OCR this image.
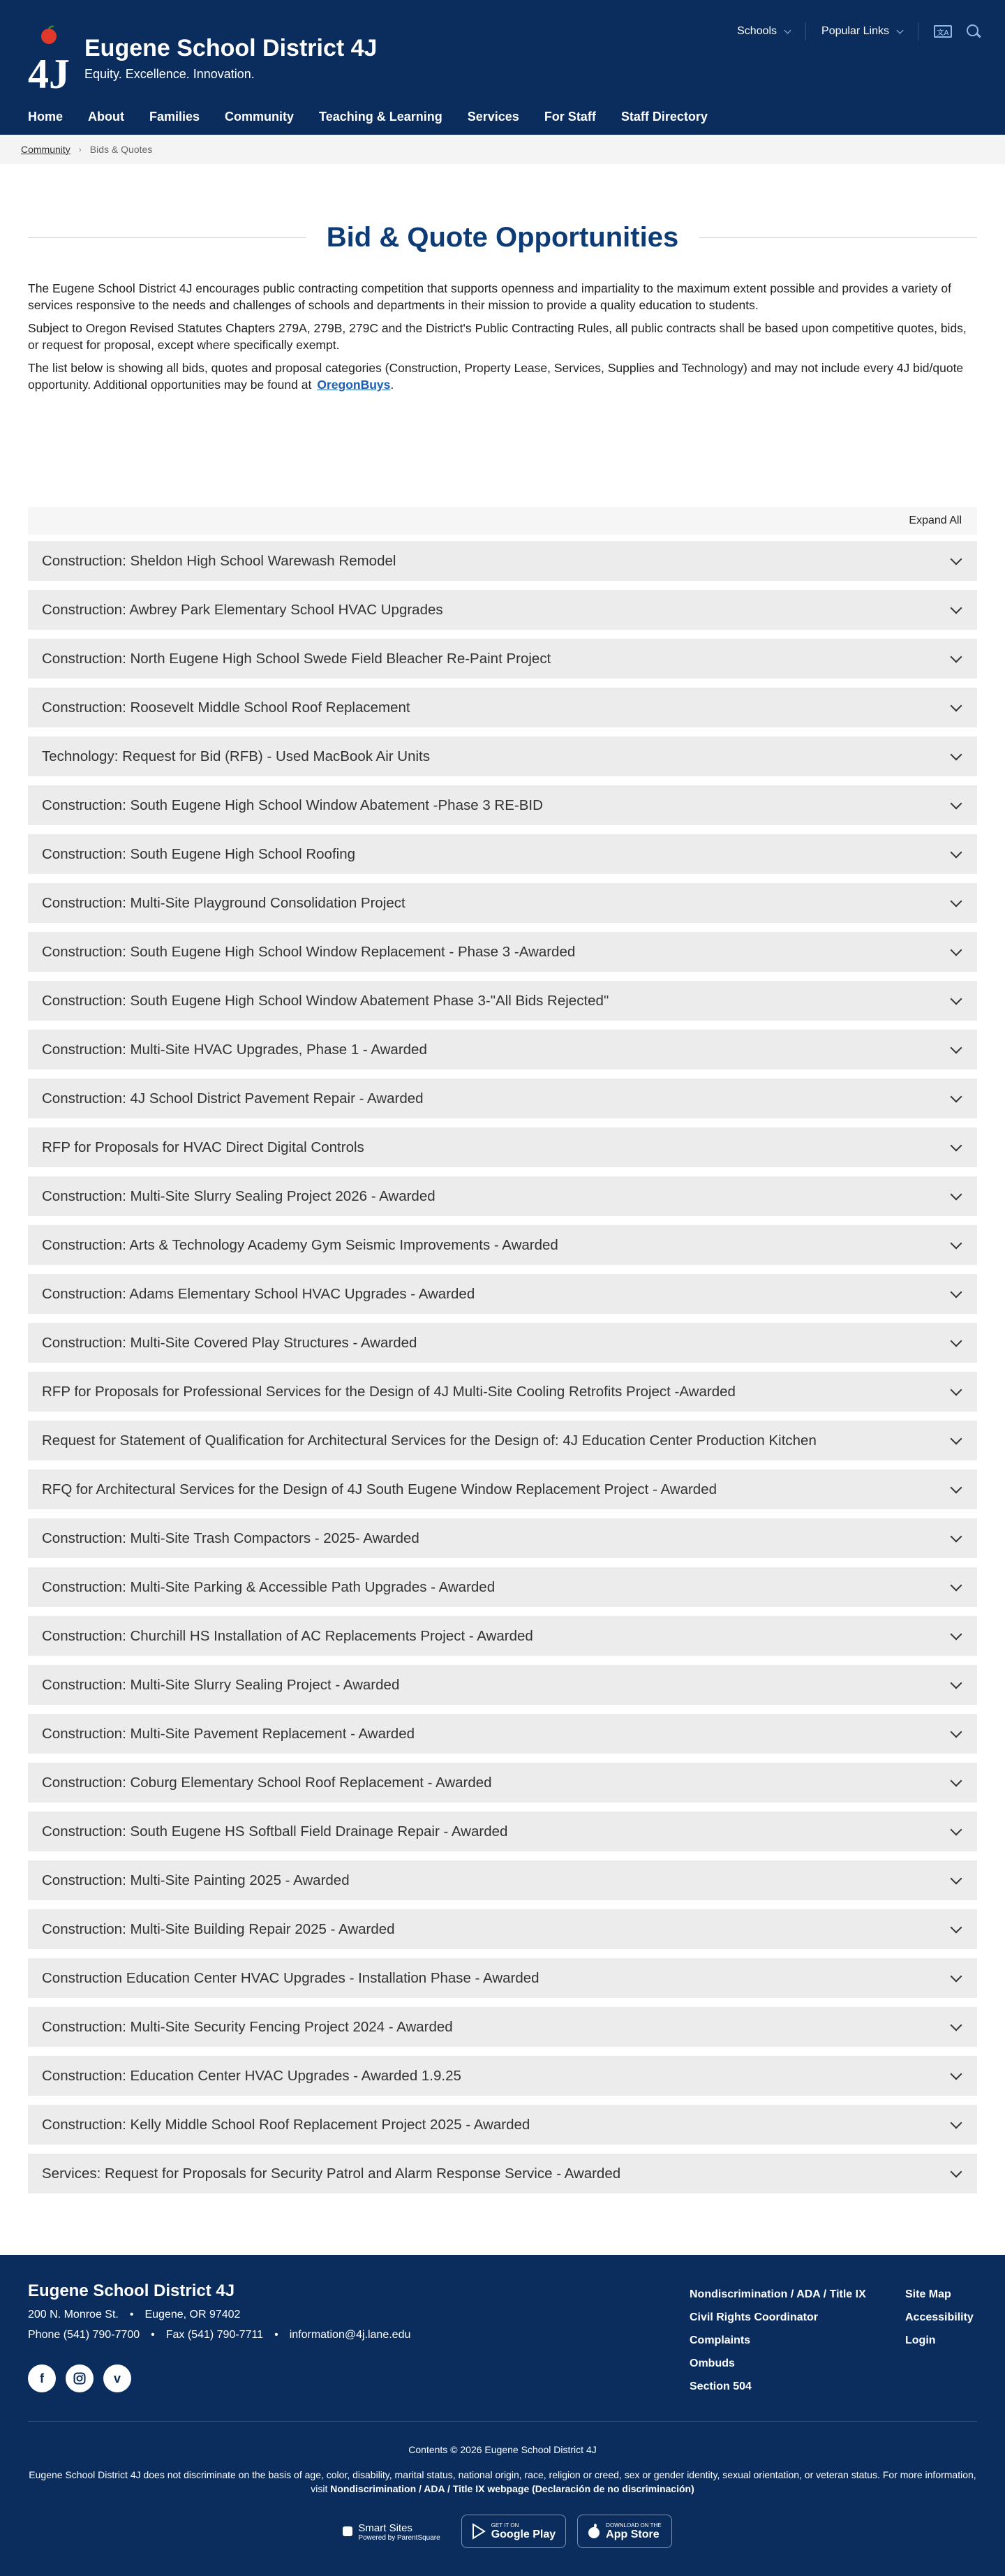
4J
Eugene School District 4J
Equity. Excellence. Innovation.
Schools	Popular Links	文A
Home About Families Community Teaching & Learning Services For Staff Staff Directory
Community › Bids & Quotes
Bid & Quote Opportunities

The Eugene School District 4J encourages public contracting competition that supports openness and impartiality to the maximum extent possible and provides a variety of services responsive to the needs and challenges of schools and departments in their mission to provide a quality education to students.

Subject to Oregon Revised Statutes Chapters 279A, 279B, 279C and the District's Public Contracting Rules, all public contracts shall be based upon competitive quotes, bids, or request for proposal, except where specifically exempt.

The list below is showing all bids, quotes and proposal categories (Construction, Property Lease, Services, Supplies and Technology) and may not include every 4J bid/quote opportunity. Additional opportunities may be found at OregonBuys.

Expand All
Construction: Sheldon High School Warewash Remodel
Construction: Awbrey Park Elementary School HVAC Upgrades
Construction: North Eugene High School Swede Field Bleacher Re-Paint Project
Construction: Roosevelt Middle School Roof Replacement
Technology: Request for Bid (RFB) - Used MacBook Air Units
Construction: South Eugene High School Window Abatement -Phase 3 RE-BID
Construction: South Eugene High School Roofing
Construction: Multi-Site Playground Consolidation Project
Construction: South Eugene High School Window Replacement - Phase 3 -Awarded
Construction: South Eugene High School Window Abatement Phase 3-"All Bids Rejected"
Construction: Multi-Site HVAC Upgrades, Phase 1 - Awarded
Construction: 4J School District Pavement Repair - Awarded
RFP for Proposals for HVAC Direct Digital Controls
Construction: Multi-Site Slurry Sealing Project 2026 - Awarded
Construction: Arts & Technology Academy Gym Seismic Improvements - Awarded
Construction: Adams Elementary School HVAC Upgrades - Awarded
Construction: Multi-Site Covered Play Structures - Awarded
RFP for Proposals for Professional Services for the Design of 4J Multi-Site Cooling Retrofits Project -Awarded
Request for Statement of Qualification for Architectural Services for the Design of: 4J Education Center Production Kitchen
RFQ for Architectural Services for the Design of 4J South Eugene Window Replacement Project - Awarded
Construction: Multi-Site Trash Compactors - 2025- Awarded
Construction: Multi-Site Parking & Accessible Path Upgrades - Awarded
Construction: Churchill HS Installation of AC Replacements Project - Awarded
Construction: Multi-Site Slurry Sealing Project - Awarded
Construction: Multi-Site Pavement Replacement - Awarded
Construction: Coburg Elementary School Roof Replacement - Awarded
Construction: South Eugene HS Softball Field Drainage Repair - Awarded
Construction: Multi-Site Painting 2025 - Awarded
Construction: Multi-Site Building Repair 2025 - Awarded
Construction Education Center HVAC Upgrades - Installation Phase - Awarded
Construction: Multi-Site Security Fencing Project 2024 - Awarded
Construction: Education Center HVAC Upgrades - Awarded 1.9.25
Construction: Kelly Middle School Roof Replacement Project 2025 - Awarded
Services: Request for Proposals for Security Patrol and Alarm Response Service - Awarded
Eugene School District 4J
200 N. Monroe St. • Eugene, OR 97402
Phone (541) 790-7700 • Fax (541) 790-7711 • information@4j.lane.edu
f	v
Nondiscrimination / ADA / Title IX
Civil Rights Coordinator
Complaints
Ombuds
Section 504
Site Map
Accessibility
Login
Contents © 2026 Eugene School District 4J
Eugene School District 4J does not discriminate on the basis of age, color, disability, marital status, national origin, race, religion or creed, sex or gender identity, sexual orientation, or veteran status. For more information, visit Nondiscrimination / ADA / Title IX webpage (Declaración de no discriminación)
Smart Sites
Powered by ParentSquare
GET IT ON
Google Play
DOWNLOAD ON THE
App Store
